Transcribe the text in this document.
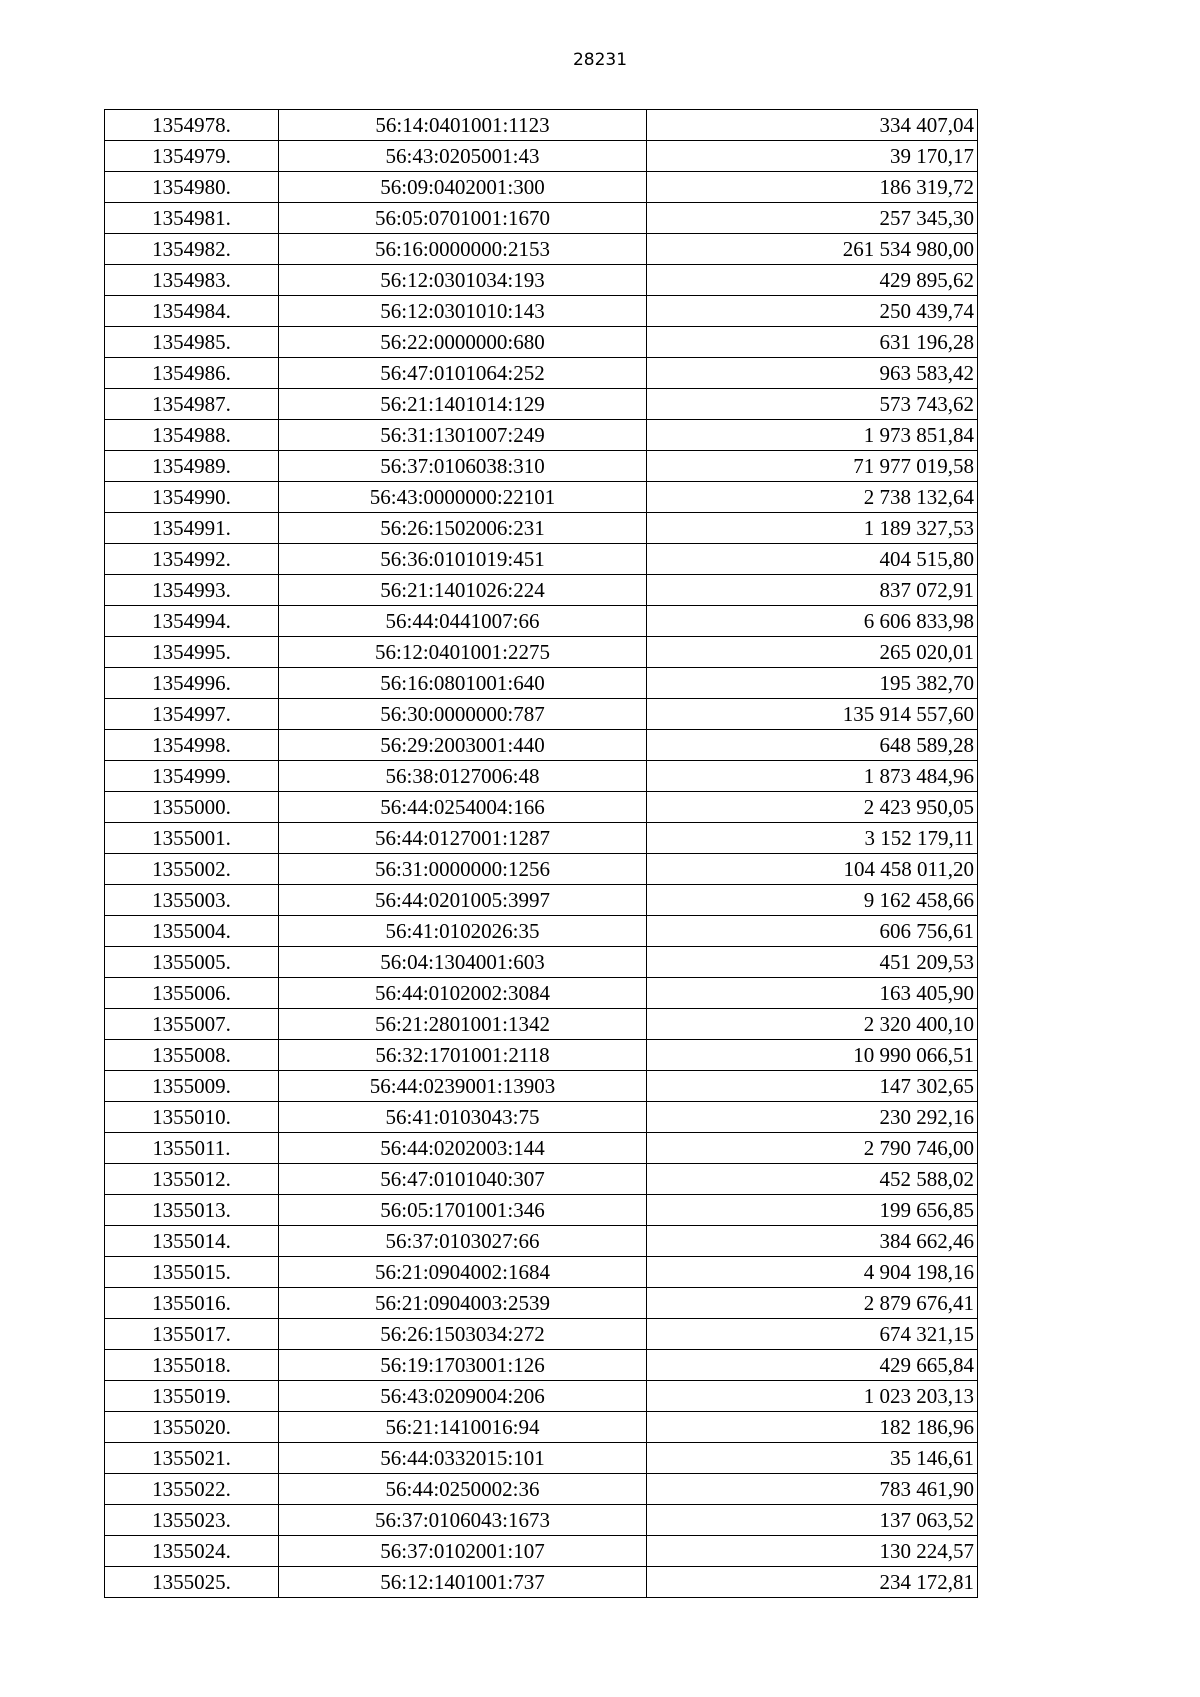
28231
1354978.	56:14:0401001:1123	334 407,04
1354979.	56:43:0205001:43	39 170,17
1354980.	56:09:0402001:300	186 319,72
1354981.	56:05:0701001:1670	257 345,30
1354982.	56:16:0000000:2153	261 534 980,00
1354983.	56:12:0301034:193	429 895,62
1354984.	56:12:0301010:143	250 439,74
1354985.	56:22:0000000:680	631 196,28
1354986.	56:47:0101064:252	963 583,42
1354987.	56:21:1401014:129	573 743,62
1354988.	56:31:1301007:249	1 973 851,84
1354989.	56:37:0106038:310	71 977 019,58
1354990.	56:43:0000000:22101	2 738 132,64
1354991.	56:26:1502006:231	1 189 327,53
1354992.	56:36:0101019:451	404 515,80
1354993.	56:21:1401026:224	837 072,91
1354994.	56:44:0441007:66	6 606 833,98
1354995.	56:12:0401001:2275	265 020,01
1354996.	56:16:0801001:640	195 382,70
1354997.	56:30:0000000:787	135 914 557,60
1354998.	56:29:2003001:440	648 589,28
1354999.	56:38:0127006:48	1 873 484,96
1355000.	56:44:0254004:166	2 423 950,05
1355001.	56:44:0127001:1287	3 152 179,11
1355002.	56:31:0000000:1256	104 458 011,20
1355003.	56:44:0201005:3997	9 162 458,66
1355004.	56:41:0102026:35	606 756,61
1355005.	56:04:1304001:603	451 209,53
1355006.	56:44:0102002:3084	163 405,90
1355007.	56:21:2801001:1342	2 320 400,10
1355008.	56:32:1701001:2118	10 990 066,51
1355009.	56:44:0239001:13903	147 302,65
1355010.	56:41:0103043:75	230 292,16
1355011.	56:44:0202003:144	2 790 746,00
1355012.	56:47:0101040:307	452 588,02
1355013.	56:05:1701001:346	199 656,85
1355014.	56:37:0103027:66	384 662,46
1355015.	56:21:0904002:1684	4 904 198,16
1355016.	56:21:0904003:2539	2 879 676,41
1355017.	56:26:1503034:272	674 321,15
1355018.	56:19:1703001:126	429 665,84
1355019.	56:43:0209004:206	1 023 203,13
1355020.	56:21:1410016:94	182 186,96
1355021.	56:44:0332015:101	35 146,61
1355022.	56:44:0250002:36	783 461,90
1355023.	56:37:0106043:1673	137 063,52
1355024.	56:37:0102001:107	130 224,57
1355025.	56:12:1401001:737	234 172,81
